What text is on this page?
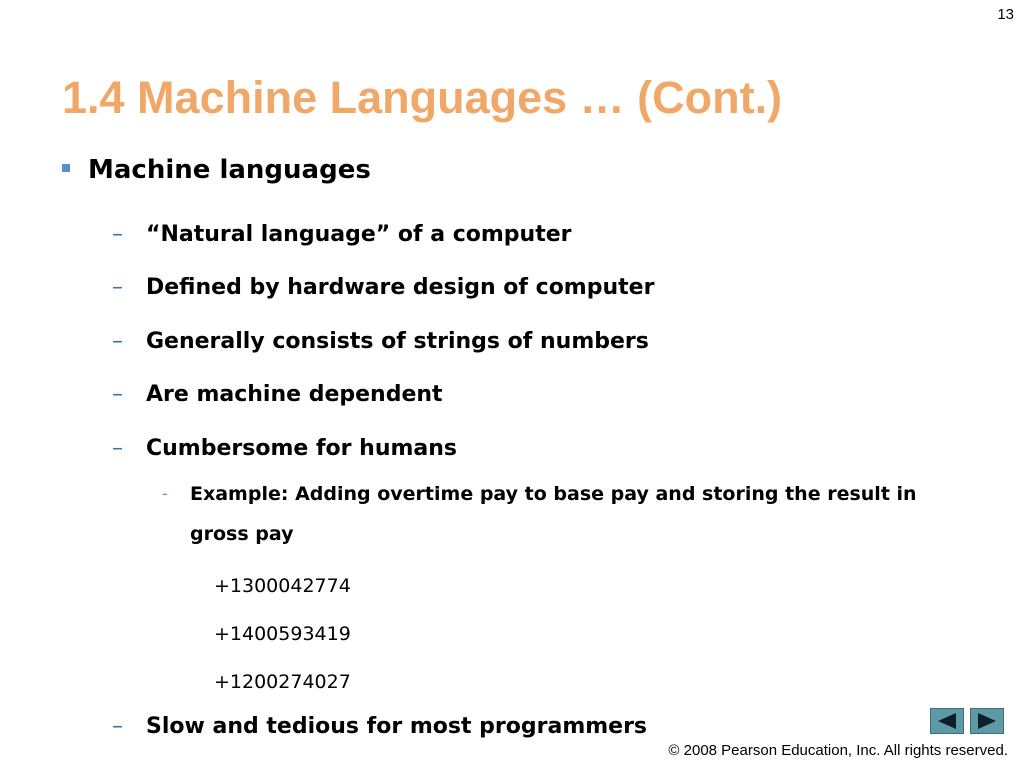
13
1.4 Machine Languages … (Cont.)
Machine languages
–	“Natural language” of a computer
–	Defined by hardware design of computer
–	Generally consists of strings of numbers
–	Are machine dependent
–	Cumbersome for humans
-	Example: Adding overtime pay to base pay and storing the result in gross pay
+1300042774
+1400593419
+1200274027
–	Slow and tedious for most programmers
© 2008 Pearson Education, Inc. All rights reserved.
